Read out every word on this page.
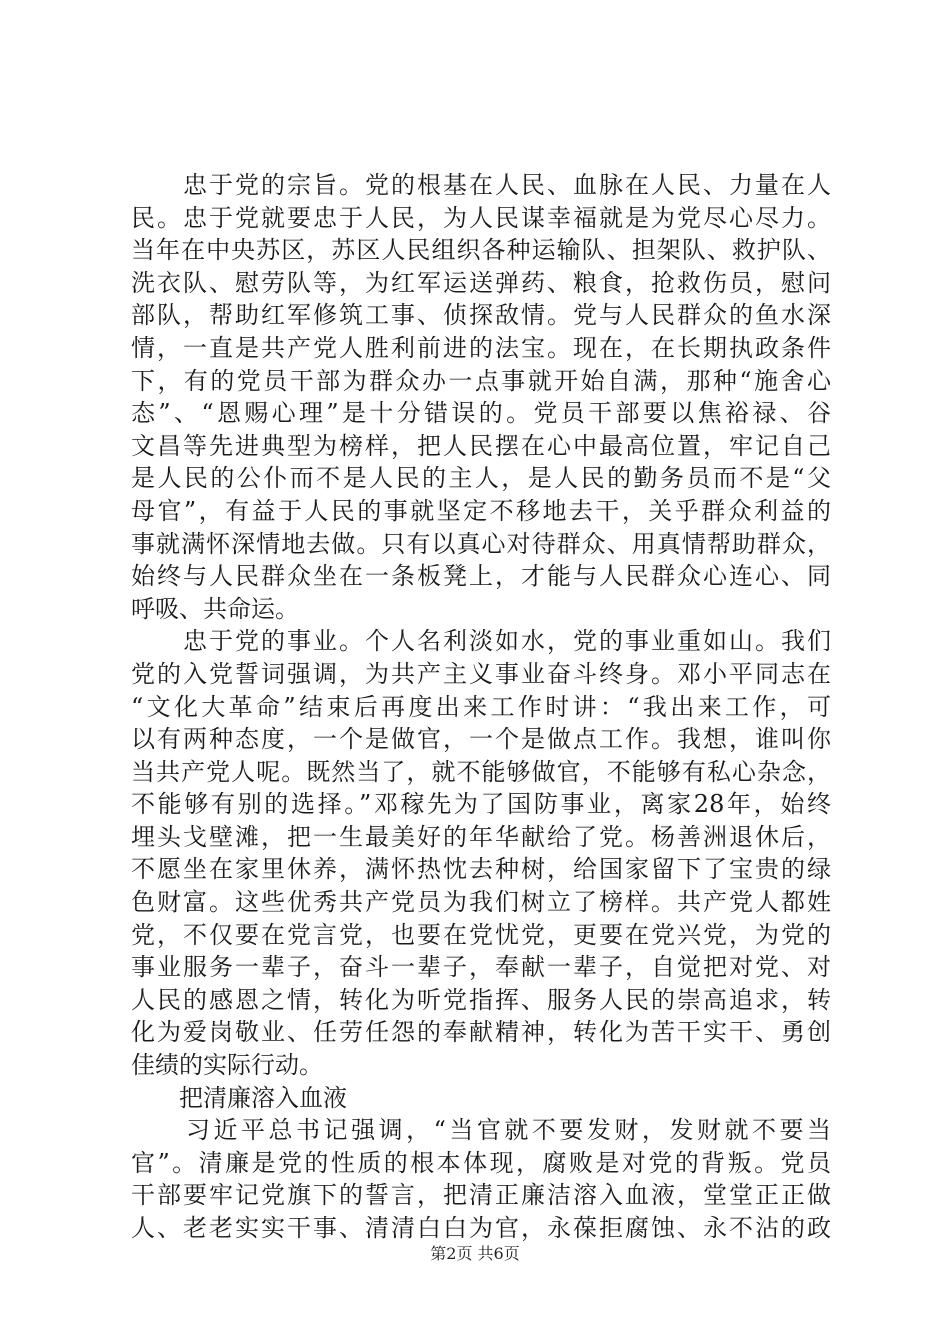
　　忠于党的宗旨。党的根基在人民、血脉在人民、力量在人
民。忠于党就要忠于人民，为人民谋幸福就是为党尽心尽力。
当年在中央苏区，苏区人民组织各种运输队、担架队、救护队、
洗衣队、慰劳队等，为红军运送弹药、粮食，抢救伤员，慰问
部队，帮助红军修筑工事、侦探敌情。党与人民群众的鱼水深
情，一直是共产党人胜利前进的法宝。现在，在长期执政条件
下，有的党员干部为群众办一点事就开始自满，那种“施舍心
态”、“恩赐心理”是十分错误的。党员干部要以焦裕禄、谷
文昌等先进典型为榜样，把人民摆在心中最高位置，牢记自己
是人民的公仆而不是人民的主人，是人民的勤务员而不是“父
母官”，有益于人民的事就坚定不移地去干，关乎群众利益的
事就满怀深情地去做。只有以真心对待群众、用真情帮助群众，
始终与人民群众坐在一条板凳上，才能与人民群众心连心、同
呼吸、共命运。
　　忠于党的事业。个人名利淡如水，党的事业重如山。我们
党的入党誓词强调，为共产主义事业奋斗终身。邓小平同志在
“文化大革命”结束后再度出来工作时讲：“我出来工作，可
以有两种态度，一个是做官，一个是做点工作。我想，谁叫你
当共产党人呢。既然当了，就不能够做官，不能够有私心杂念，
不能够有别的选择。”邓稼先为了国防事业，离家28年，始终
埋头戈壁滩，把一生最美好的年华献给了党。杨善洲退休后，
不愿坐在家里休养，满怀热忱去种树，给国家留下了宝贵的绿
色财富。这些优秀共产党员为我们树立了榜样。共产党人都姓
党，不仅要在党言党，也要在党忧党，更要在党兴党，为党的
事业服务一辈子，奋斗一辈子，奉献一辈子，自觉把对党、对
人民的感恩之情，转化为听党指挥、服务人民的崇高追求，转
化为爱岗敬业、任劳任怨的奉献精神，转化为苦干实干、勇创
佳绩的实际行动。
　　把清廉溶入血液
　　习近平总书记强调，“当官就不要发财，发财就不要当
官”。清廉是党的性质的根本体现，腐败是对党的背叛。党员
干部要牢记党旗下的誓言，把清正廉洁溶入血液，堂堂正正做
人、老老实实干事、清清白白为官，永葆拒腐蚀、永不沾的政
第2页 共6页
